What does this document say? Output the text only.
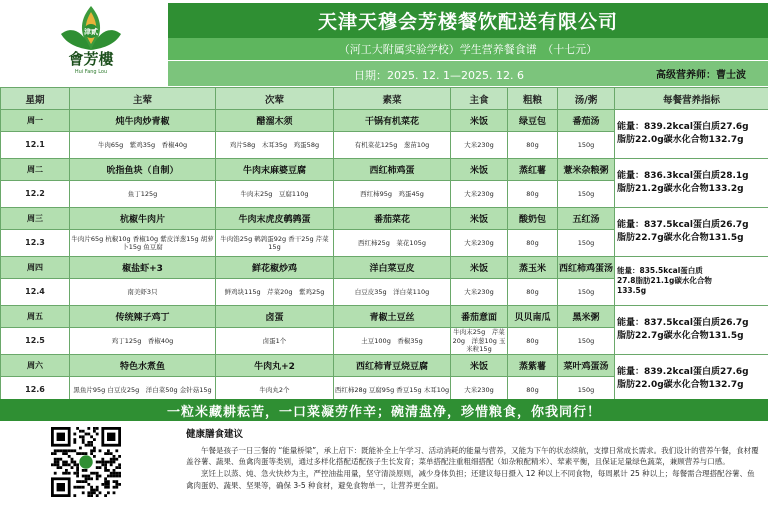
津貳
會芳樓
Hui Fang Lou
天津天穆会芳楼餐饮配送有限公司
（河工大附属实验学校）学生营养餐食谱　（十七元）
日期：2025. 12. 1—2025. 12. 6	高级营养师：曹士波
星期	主荤	次荤	素菜	主食	粗粮	汤/粥	每餐营养指标
周一	炖牛肉炒青椒	醋溜木须	干锅有机菜花	米饭	绿豆包	番茄汤	能量：839.2kcal蛋白质27.6g
脂肪22.0g碳水化合物132.7g

12.1	牛肉65g　紫鸡35g　香椒40g	鸡片58g　木耳35g　鸡蛋58g	有机菜花125g　葱苗10g	大米230g	80g	150g	
周二	吮指鱼块（自制）	牛肉末麻婆豆腐	西红柿鸡蛋	米饭	蒸红薯	薏米杂粮粥	能量：836.3kcal蛋白质28.1g
脂肪21.2g碳水化合物133.2g

12.2	鱼丁125g	牛肉末25g　豆腐110g	西红柿95g　鸡蛋45g	大米230g	80g	150g	
周三	杭椒牛肉片	牛肉末虎皮鹌鹑蛋	番茄菜花	米饭	酸奶包	五红汤	能量：837.5kcal蛋白质26.7g
脂肪22.7g碳水化合物131.5g

12.3	牛肉片65g 杭椒10g 香椒10g 紫皮洋葱15g 胡萝卜15g 鱼豆腐	牛肉馅25g 鹌鹑蛋92g 香干25g 芹菜15g	西红柿25g　菜花105g	大米230g	80g	150g	
周四	椒盐虾+3	鲜花椒炒鸡	洋白菜豆皮	米饭	蒸玉米	西红柿鸡蛋汤	能量：835.5kcal蛋白质
27.8脂肪21.1g碳水化合物
133.5g

12.4	南美虾3只	鲜鸡块115g　芹菜20g　紫鸡25g	白豆皮35g　洋白菜110g	大米230g	80g	150g	
周五	传统辣子鸡丁	卤蛋	青椒土豆丝	番茄意面	贝贝南瓜	黑米粥	能量：837.5kcal蛋白质26.7g
脂肪22.7g碳水化合物131.5g

12.5	鸡丁125g　香椒40g	卤蛋1个	土豆100g　香椒35g	牛肉末25g　芹菜20g　洋葱10g 玉米粒15g	80g	150g	
周六	特色水煮鱼	牛肉丸+2	西红柿青豆烧豆腐	米饭	蒸紫薯	菜叶鸡蛋汤	能量：839.2kcal蛋白质27.6g
脂肪22.0g碳水化合物132.7g

12.6	黑鱼片95g 白豆皮25g　洋白菜50g 金针菇15g	牛肉丸2个	西红柿28g 豆腐95g 香豆15g 木耳10g	大米230g	80g	150g	
一粒米藏耕耘苦，一口菜凝劳作辛；碗清盘净，珍惜粮食，你我同行！
健康膳食建议

午餐是孩子一日三餐的 “能量桥梁”，承上启下：既能补全上午学习、活动消耗的能量与营养，又能为下午的状态续航，支撑日常成长需求。我们设计的营养午餐，食材覆盖谷薯、蔬果、鱼禽肉蛋等类别，通过多样化搭配适配孩子生长发育；菜单搭配注重粗细搭配（如杂粮配精米）、荤素平衡，且保证足量绿色蔬菜，兼顾营养与口感。

烹饪上以蒸、炖、急火快炒为主，严控油盐用量，坚守清淡原则，减少身体负担；还建议每日摄入 12 种以上不同食物，每周累计 25 种以上；每餐需合理搭配谷薯、鱼禽肉蛋奶、蔬果、坚果等，确保 3-5 种食材，避免食物单一，让营养更全面。
